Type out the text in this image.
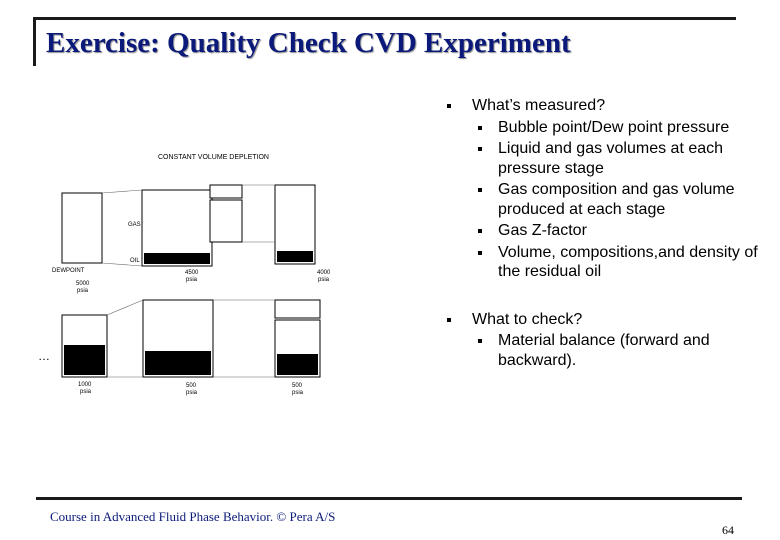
Exercise: Quality Check CVD Experiment
CONSTANT VOLUME DEPLETION
GAS
OIL
DEWPOINT
5000
psia
4500
psia
4000
psia
…
1000
psia
500
psia
500
psia
What’s measured?
Bubble point/Dew point pressure
Liquid and gas volumes at each pressure stage
Gas composition and gas volume produced at each stage
Gas Z-factor
Volume, compositions,and density of the residual oil
What to check?
Material balance (forward and backward).
Course in Advanced Fluid Phase Behavior. © Pera A/S
64
